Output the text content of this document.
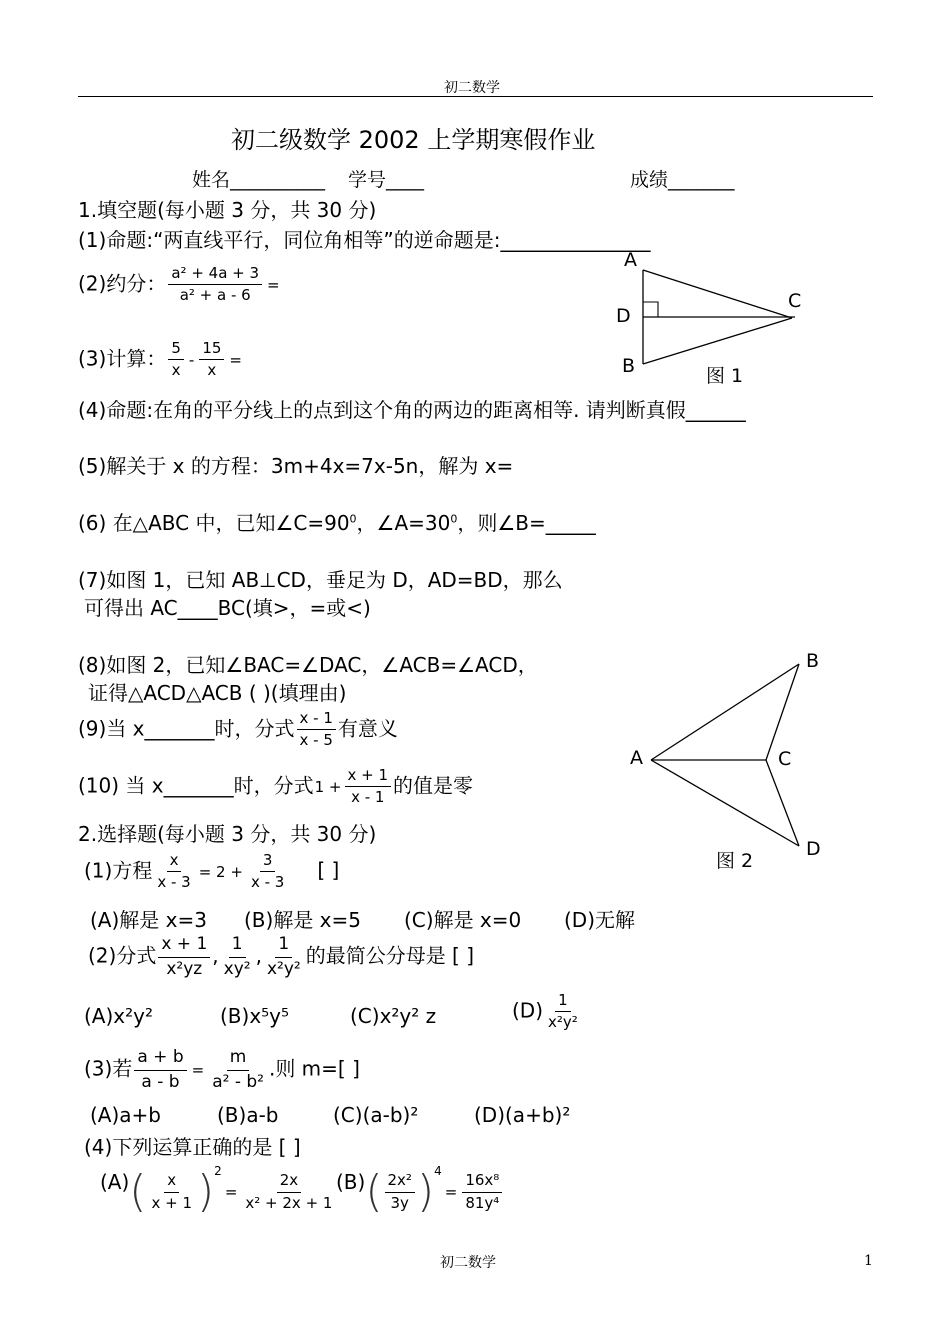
初二数学
初二级数学 2002 上学期寒假作业
姓名__________ 学号____	成绩_______
1.填空题(每小题 3 分，共 30 分)
(1)命题:“两直线平行，同位角相等”的逆命题是:_______________
(2)约分： $\frac{\text{a² + 4a + 3}}{\text{a² + a - 6}}$ =
(3)计算： $\frac{5}{x} - \frac{15}{x}$ =
(4)命题:在角的平分线上的点到这个角的两边的距离相等. 请判断真假______
(5)解关于 x 的方程：3m+4x=7x-5n，解为 x=
(6) 在△ABC 中，已知$\angle C=90^0$，$\angle A=30^0$，则∠B=_____
(7)如图 1，已知 AB⊥CD，垂足为 D，AD=BD，那么
可得出 AC____BC(填>，=或<)
(8)如图 2，已知∠BAC=∠DAC，∠ACB=∠ACD，
证得△ACD△ACB ( )(填理由)
(9)当 x_______时，分式 $\frac{x - 1}{x - 5}$ 有意义
(10) 当 x_______时，分式$1 + \frac{x + 1}{x - 1}$ 的值是零
2.选择题(每小题 3 分，共 30 分)
(1)方程 $\frac{x}{x - 3} = 2 + \frac{3}{x - 3}$ [ ]
(A)解是 x=3 (B)解是 x=5 (C)解是 x=0 (D)无解
(2)分式 $\frac{x + 1}{\text{x²yz}}$ , $\frac{1}{\text{xy²}}$ , $\frac{1}{\text{x²y²}}$ 的最简公分母是 [ ]
(A)x²y²	(B)x⁵y⁵	(C)x²y² z	$(D) \frac{1}{\text{x²y²}}$
(3)若 $\frac{a + b}{a - b} = \frac{m}{\text{a² - b²}}$ .则 m=[ ]
(A)a+b	(B)a-b	(C)(a-b)²	(D)(a+b)²
(4)下列运算正确的是 [ ]
$(A)( \frac{x}{x + 1} )^2= \frac{2x}{\text{x² + 2x + 1}} (B)( \frac{\text{2x²}}{3y} )^4= \frac{\text{16x⁸}}{\text{81y⁴}}$
A
D
B
C
图 1
A
B
C
D
图 2
初二数学	1
